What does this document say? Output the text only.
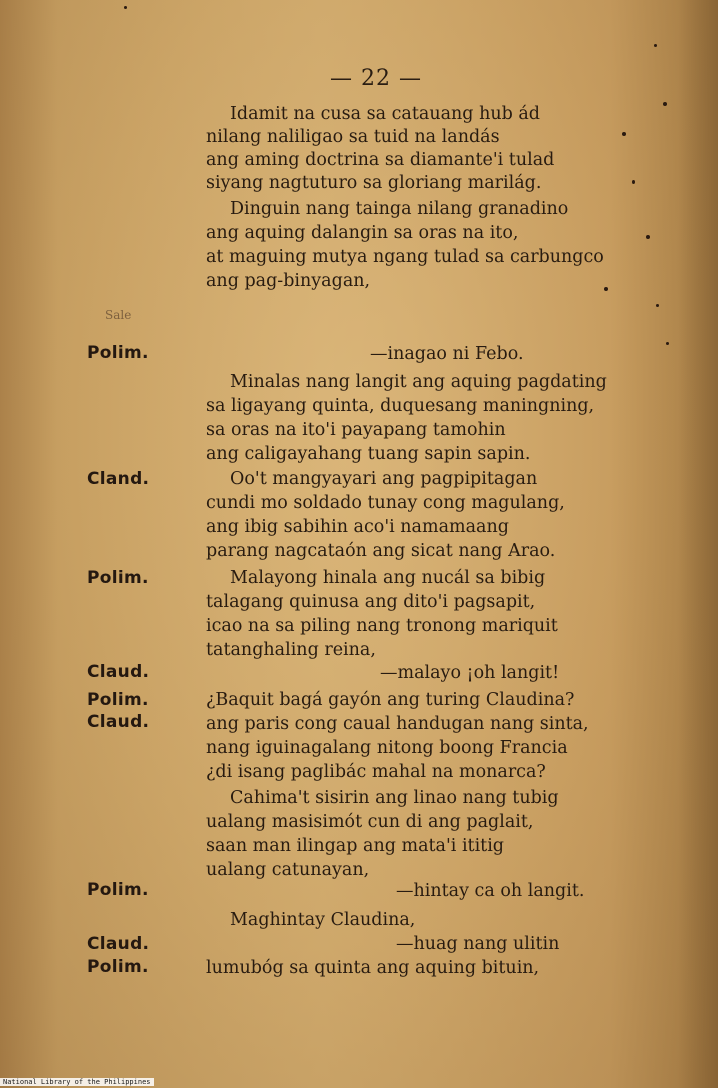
— 22 —
Sale
Polim.
Cland.
Polim.
Claud.
Polim.
Claud.
Polim.
Claud.
Polim.
Idamit na cusa sa catauang hub ád
nilang naliligao sa tuid na landás
ang aming doctrina sa diamante'i tulad
siyang nagtuturo sa gloriang marilág.
Dinguin nang tainga nilang granadino
ang aquing dalangin sa oras na ito,
at maguing mutya ngang tulad sa carbungco
ang pag-binyagan,
—inagao ni Febo.
Minalas nang langit ang aquing pagdating
sa ligayang quinta, duquesang maningning,
sa oras na ito'i payapang tamohin
ang caligayahang tuang sapin sapin.
Oo't mangyayari ang pagpipitagan
cundi mo soldado tunay cong magulang,
ang ibig sabihin aco'i namamaang
parang nagcataón ang sicat nang Arao.
Malayong hinala ang nucál sa bibig
talagang quinusa ang dito'i pagsapit,
icao na sa piling nang tronong mariquit
tatanghaling reina,
—malayo ¡oh langit!
¿Baquit bagá gayón ang turing Claudina?
ang paris cong caual handugan nang sinta,
nang iguinagalang nitong boong Francia
¿di isang paglibác mahal na monarca?
Cahima't sisirin ang linao nang tubig
ualang masisimót cun di ang paglait,
saan man ilingap ang mata'i ititig
ualang catunayan,
—hintay ca oh langit.
Maghintay Claudina,
—huag nang ulitin
lumubóg sa quinta ang aquing bituin,
National Library of the Philippines
